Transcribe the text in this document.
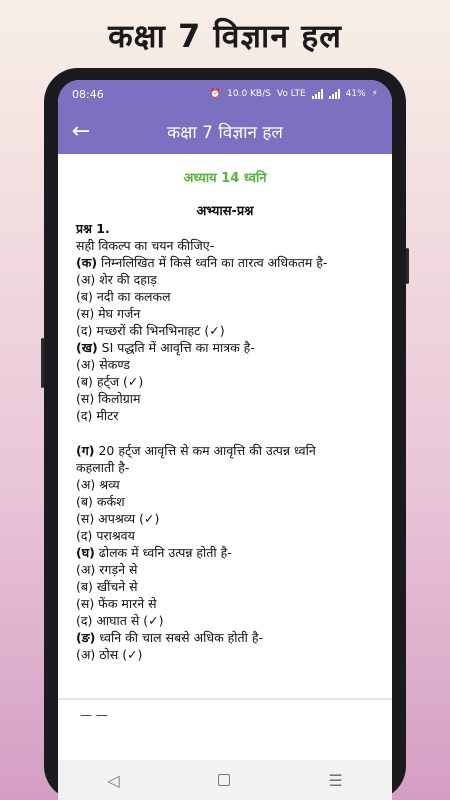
कक्षा 7 विज्ञान हल
08:46	⏰ 10.0 KB/S Vo LTE	41% ⚡
←	कक्षा 7 विज्ञान हल
अध्याय 14 ध्वनि
अभ्यास-प्रश्न
प्रश्न 1.
सही विकल्प का चयन कीजिए-
(क) निम्नलिखित में किसे ध्वनि का तारत्व अधिकतम है-
(अ) शेर की दहाड़
(ब) नदी का कलकल
(स) मेघ गर्जन
(द) मच्छरों की भिनभिनाहट (✓)
(ख) SI पद्धति में आवृत्ति का मात्रक है-
(अ) सेकण्ड
(ब) हर्ट्ज (✓)
(स) किलोग्राम
(द) मीटर
(ग) 20 हर्ट्ज आवृत्ति से कम आवृत्ति की उत्पन्न ध्वनि
कहलाती है-
(अ) श्रव्य
(ब) कर्कश
(स) अपश्रव्य (✓)
(द) पराश्रवय
(घ) ढोलक में ध्वनि उत्पन्न होती है-
(अ) रगड़ने से
(ब) खींचने से
(स) फेंक मारने से
(द) आघात से (✓)
(ङ) ध्वनि की चाल सबसे अधिक होती है-
(अ) ठोस (✓)
— —
◁	☰
